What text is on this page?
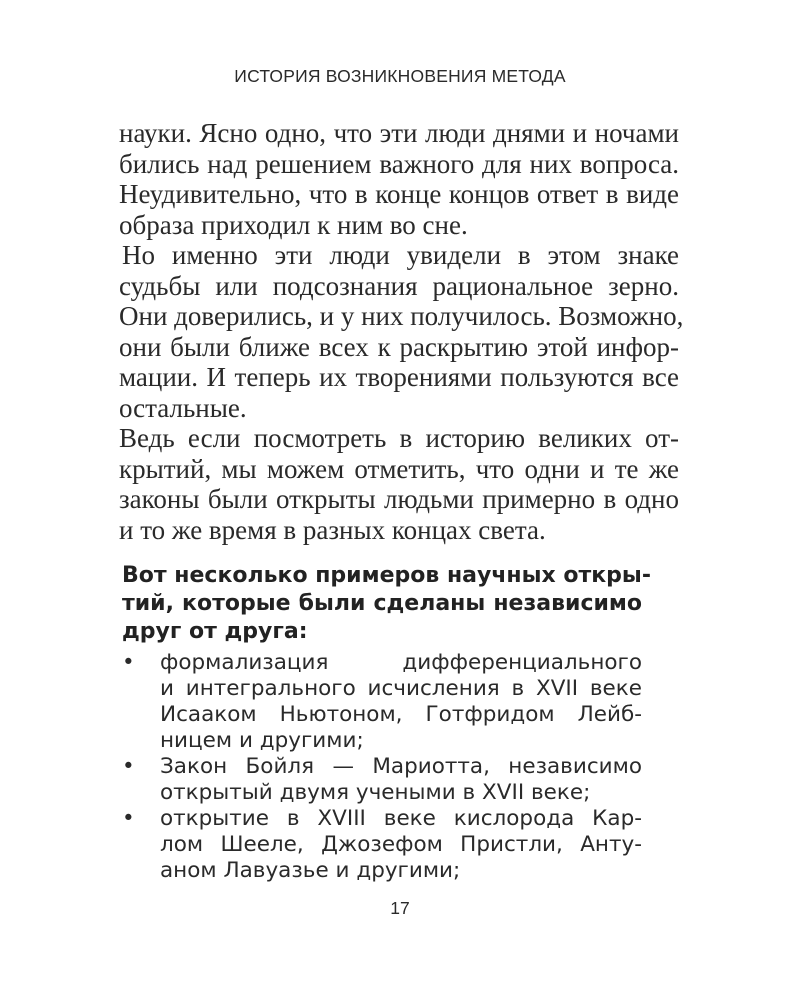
ИСТОРИЯ ВОЗНИКНОВЕНИЯ МЕТОДА

науки. Ясно одно, что эти люди днями и ночами
бились над решением важного для них вопроса.
Неудивительно, что в конце концов ответ в виде
образа приходил к ним во сне.

Но именно эти люди увидели в этом знаке
судьбы или подсознания рациональное зерно.
Они доверились, и у них получилось. Возможно,
они были ближе всех к раскрытию этой инфор-
мации. И теперь их творениями пользуются все
остальные.

Ведь если посмотреть в историю великих от-
крытий, мы можем отметить, что одни и те же
законы были открыты людьми примерно в одно
и то же время в разных концах света.

Вот несколько примеров научных откры-
тий, которые были сделаны независимо
друг от друга:
• формализация дифференциального
и интегрального исчисления в XVII веке
Исааком Ньютоном, Готфридом Лейб-
ницем и другими;
• Закон Бойля — Мариотта, независимо
открытый двумя учеными в XVII веке;
• открытие в XVIII веке кислорода Кар-
лом Шееле, Джозефом Пристли, Анту-
аном Лавуазье и другими;
17
